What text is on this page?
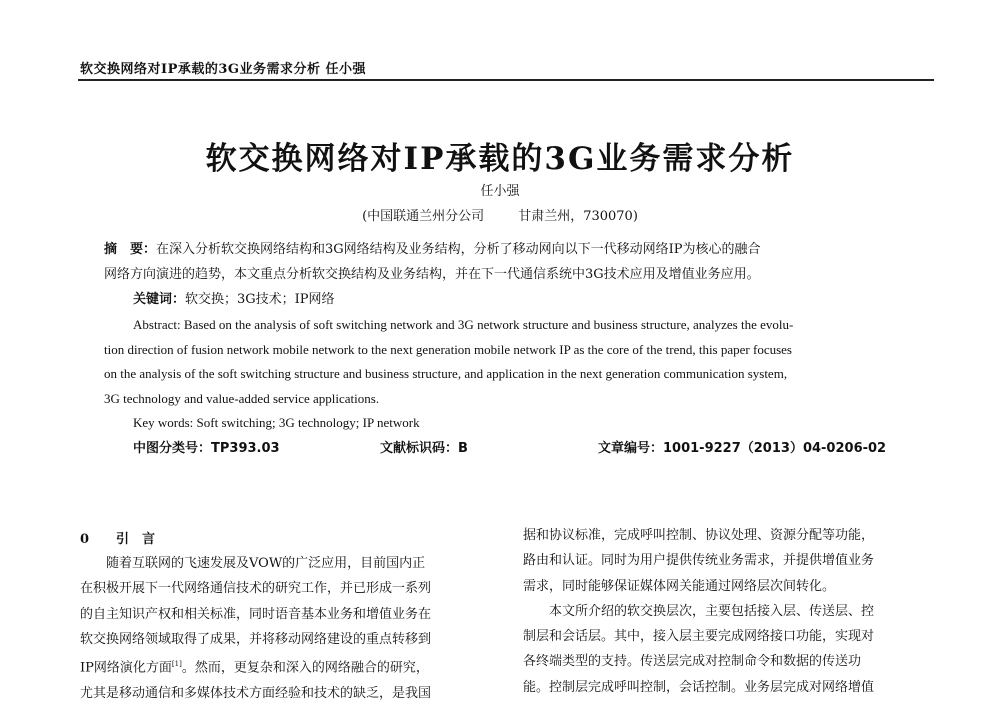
软交换网络对IP承载的3G业务需求分析 任小强
软交换网络对IP承载的3G业务需求分析
任小强
(中国联通兰州分公司	甘肃兰州，730070)
摘　要：在深入分析软交换网络结构和3G网络结构及业务结构，分析了移动网向以下一代移动网络IP为核心的融合
网络方向演进的趋势，本文重点分析软交换结构及业务结构，并在下一代通信系统中3G技术应用及增值业务应用。
关键词：软交换；3G技术；IP网络
Abstract: Based on the analysis of soft switching network and 3G network structure and business structure, analyzes the evolu-
tion direction of fusion network mobile network to the next generation mobile network IP as the core of the trend, this paper focuses
on the analysis of the soft switching structure and business structure, and application in the next generation communication system,
3G technology and value-added service applications.
Key words: Soft switching; 3G technology; IP network
中图分类号：TP393.03	文献标识码：B	文章编号：1001-9227（2013）04-0206-02
0 引　言
　　随着互联网的飞速发展及VOW的广泛应用，目前国内正
在积极开展下一代网络通信技术的研究工作，并已形成一系列
的自主知识产权和相关标准，同时语音基本业务和增值业务在
软交换网络领域取得了成果，并将移动网络建设的重点转移到
IP网络演化方面[1]。然而，更复杂和深入的网络融合的研究，
尤其是移动通信和多媒体技术方面经验和技术的缺乏，是我国
据和协议标准，完成呼叫控制、协议处理、资源分配等功能，
路由和认证。同时为用户提供传统业务需求，并提供增值业务
需求，同时能够保证媒体网关能通过网络层次间转化。
　　本文所介绍的软交换层次，主要包括接入层、传送层、控
制层和会话层。其中，接入层主要完成网络接口功能，实现对
各终端类型的支持。传送层完成对控制命令和数据的传送功
能。控制层完成呼叫控制，会话控制。业务层完成对网络增值
